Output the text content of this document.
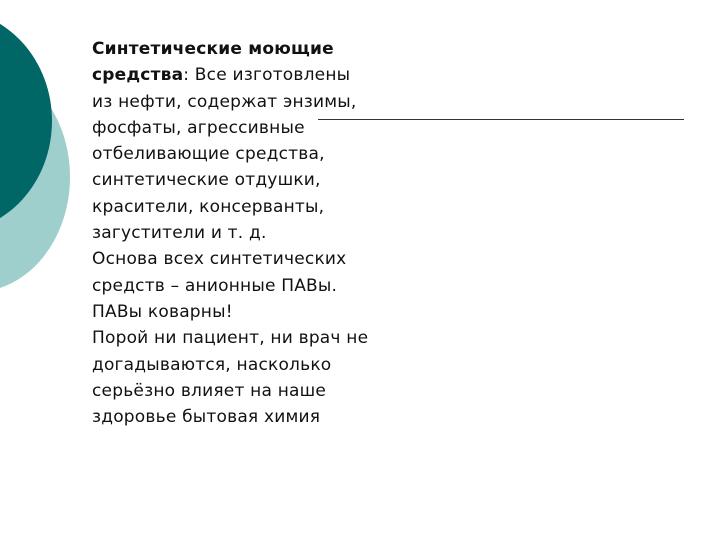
Синтетические моющие
средства: Все изготовлены
из нефти, содержат энзимы,
фосфаты, агрессивные
отбеливающие средства,
синтетические отдушки,
красители, консерванты,
загустители и т. д.
Основа всех синтетических
средств – анионные ПАВы.
ПАВы коварны!
Порой ни пациент, ни врач не
догадываются, насколько
серьёзно влияет на наше
здоровье бытовая химия
